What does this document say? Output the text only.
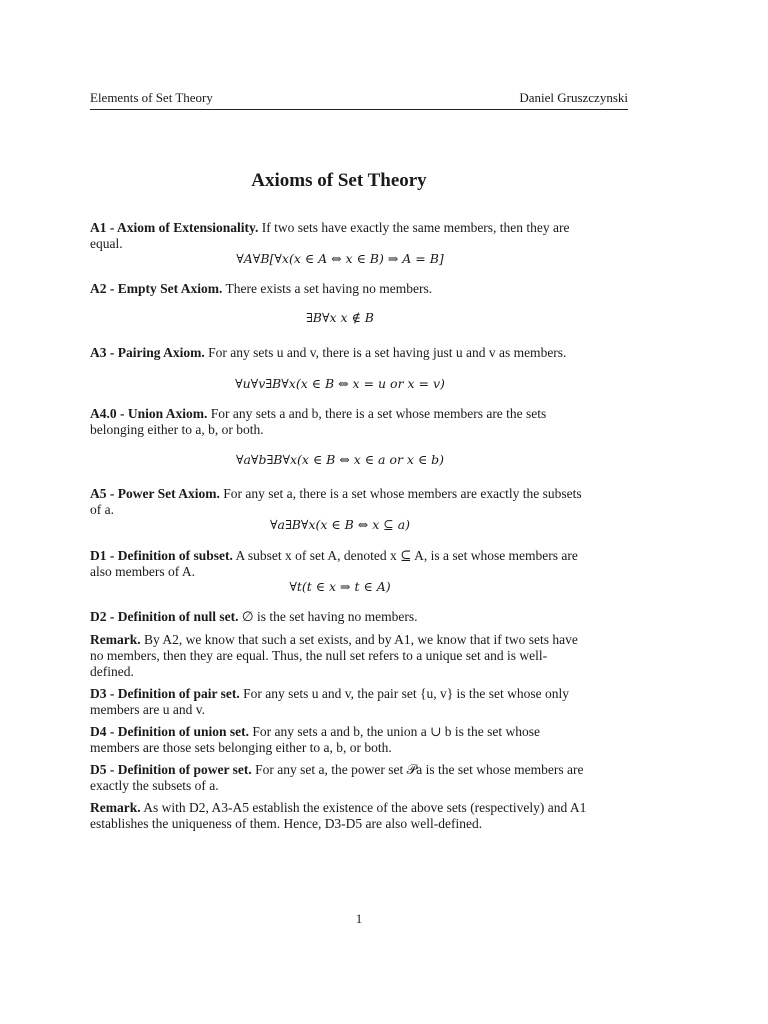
Elements of Set Theory	Daniel Gruszczynski
Axioms of Set Theory
A1 - Axiom of Extensionality. If two sets have exactly the same members, then they are equal.
∀A∀B[∀x(x ∈ A ⇔ x ∈ B) ⇒ A = B]
A2 - Empty Set Axiom. There exists a set having no members.
∃B∀x x ∉ B
A3 - Pairing Axiom. For any sets u and v, there is a set having just u and v as members.
∀u∀v∃B∀x(x ∈ B ⇔ x = u or x = v)
A4.0 - Union Axiom. For any sets a and b, there is a set whose members are the sets belonging either to a, b, or both.
∀a∀b∃B∀x(x ∈ B ⇔ x ∈ a or x ∈ b)
A5 - Power Set Axiom. For any set a, there is a set whose members are exactly the subsets of a.
∀a∃B∀x(x ∈ B ⇔ x ⊆ a)
D1 - Definition of subset. A subset x of set A, denoted x ⊆ A, is a set whose members are also members of A.
∀t(t ∈ x ⇒ t ∈ A)
D2 - Definition of null set. ∅ is the set having no members.
Remark. By A2, we know that such a set exists, and by A1, we know that if two sets have no members, then they are equal. Thus, the null set refers to a unique set and is well-defined.
D3 - Definition of pair set. For any sets u and v, the pair set {u, v} is the set whose only members are u and v.
D4 - Definition of union set. For any sets a and b, the union a ∪ b is the set whose members are those sets belonging either to a, b, or both.
D5 - Definition of power set. For any set a, the power set 𝒫a is the set whose members are exactly the subsets of a.
Remark. As with D2, A3-A5 establish the existence of the above sets (respectively) and A1 establishes the uniqueness of them. Hence, D3-D5 are also well-defined.
1
